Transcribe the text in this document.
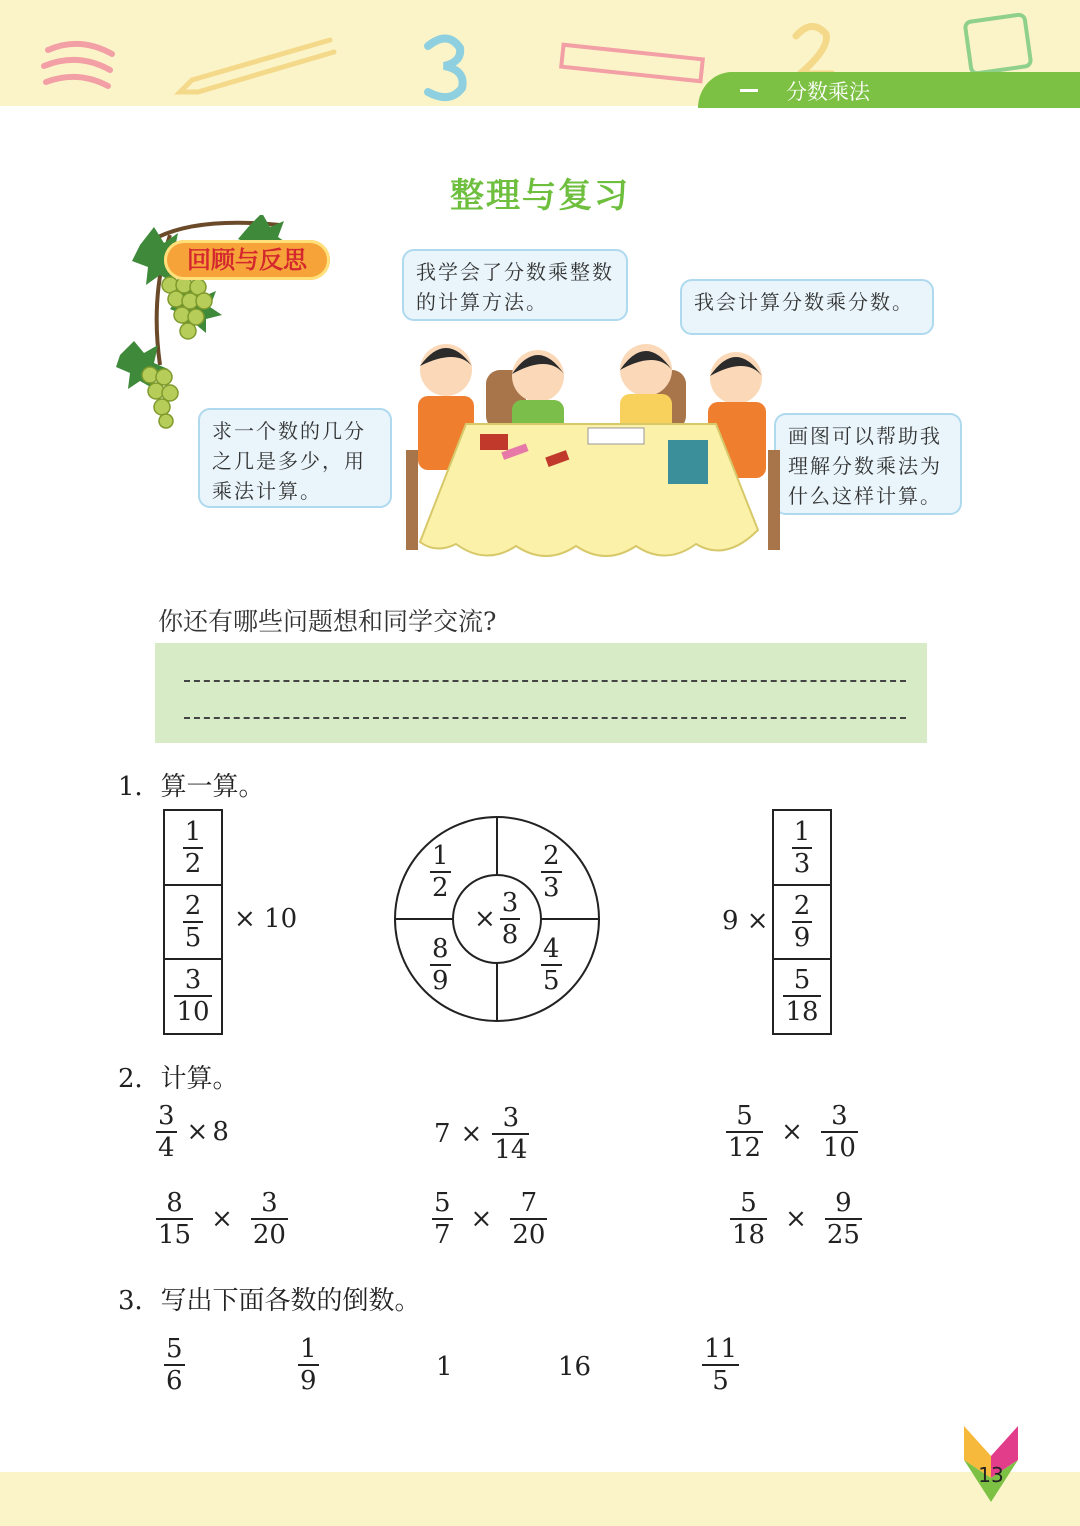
分数乘法
整理与复习
回顾与反思	我学会了分数乘整数的计算方法。	我会计算分数乘分数。
求一个数的几分之几是多少，用乘法计算。
画图可以帮助我理解分数乘法为什么这样计算。
你还有哪些问题想和同学交流?
1．算一算。
$\frac{1}{2}$
$\frac{2}{5}$
$\frac{3}{10}$
× 10	× $\frac{3}{8}$
$\frac{1}{2}$	$\frac{2}{3}$
$\frac{8}{9}$	$\frac{4}{5}$
9 ×
$\frac{1}{3}$
$\frac{2}{9}$
$\frac{5}{18}$
2．计算。
$\frac{3}{4} \times 8$	$7 \times \frac{3}{14}$	$\frac{5}{12} \times \frac{3}{10}$
$\frac{8}{15} \times \frac{3}{20}$	$\frac{5}{7} \times \frac{7}{20}$	$\frac{5}{18} \times \frac{9}{25}$
3．写出下面各数的倒数。
$\frac{5}{6}$	$\frac{1}{9}$	1	16	$\frac{11}{5}$
13
